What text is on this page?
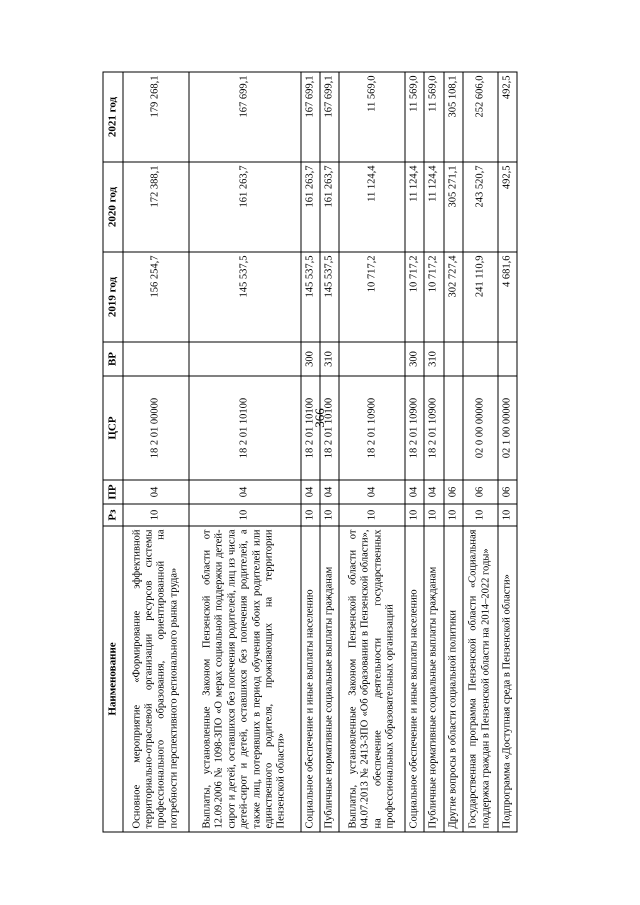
366
Наименование	Рз	ПР	ЦСР	ВР	2019 год	2020 год	2021 год
Основное мероприятие «Формирование эффективной территориально-отраслевой организации ресурсов системы профессионального образования, ориентированной на потребности перспективного регионального рынка труда»	10	04	18 2 01 00000		156 254,7	172 388,1	179 268,1
Выплаты, установленные Законом Пензенской области от 12.09.2006 № 1098-ЗПО «О мерах социальной поддержки детей-сирот и детей, оставшихся без попечения родителей, лиц из числа детей-сирот и детей, оставшихся без попечения родителей, а также лиц, потерявших в период обучения обоих родителей или единственного родителя, проживающих на территории Пензенской области»	10	04	18 2 01 10100		145 537,5	161 263,7	167 699,1
Социальное обеспечение и иные выплаты населению	10	04	18 2 01 10100	300	145 537,5	161 263,7	167 699,1
Публичные нормативные социальные выплаты гражданам	10	04	18 2 01 10100	310	145 537,5	161 263,7	167 699,1
Выплаты, установленные Законом Пензенской области от 04.07.2013 № 2413-ЗПО «Об образовании в Пензенской области», на обеспечение деятельности государственных профессиональных образовательных организаций	10	04	18 2 01 10900		10 717,2	11 124,4	11 569,0
Социальное обеспечение и иные выплаты населению	10	04	18 2 01 10900	300	10 717,2	11 124,4	11 569,0
Публичные нормативные социальные выплаты гражданам	10	04	18 2 01 10900	310	10 717,2	11 124,4	11 569,0
Другие вопросы в области социальной политики	10	06			302 727,4	305 271,1	305 108,1
Государственная программа Пензенской области «Социальная поддержка граждан в Пензенской области на 2014–2022 годы»	10	06	02 0 00 00000		241 110,9	243 520,7	252 606,0
Подпрограмма «Доступная среда в Пензенской области»	10	06	02 1 00 00000		4 681,6	492,5	492,5
